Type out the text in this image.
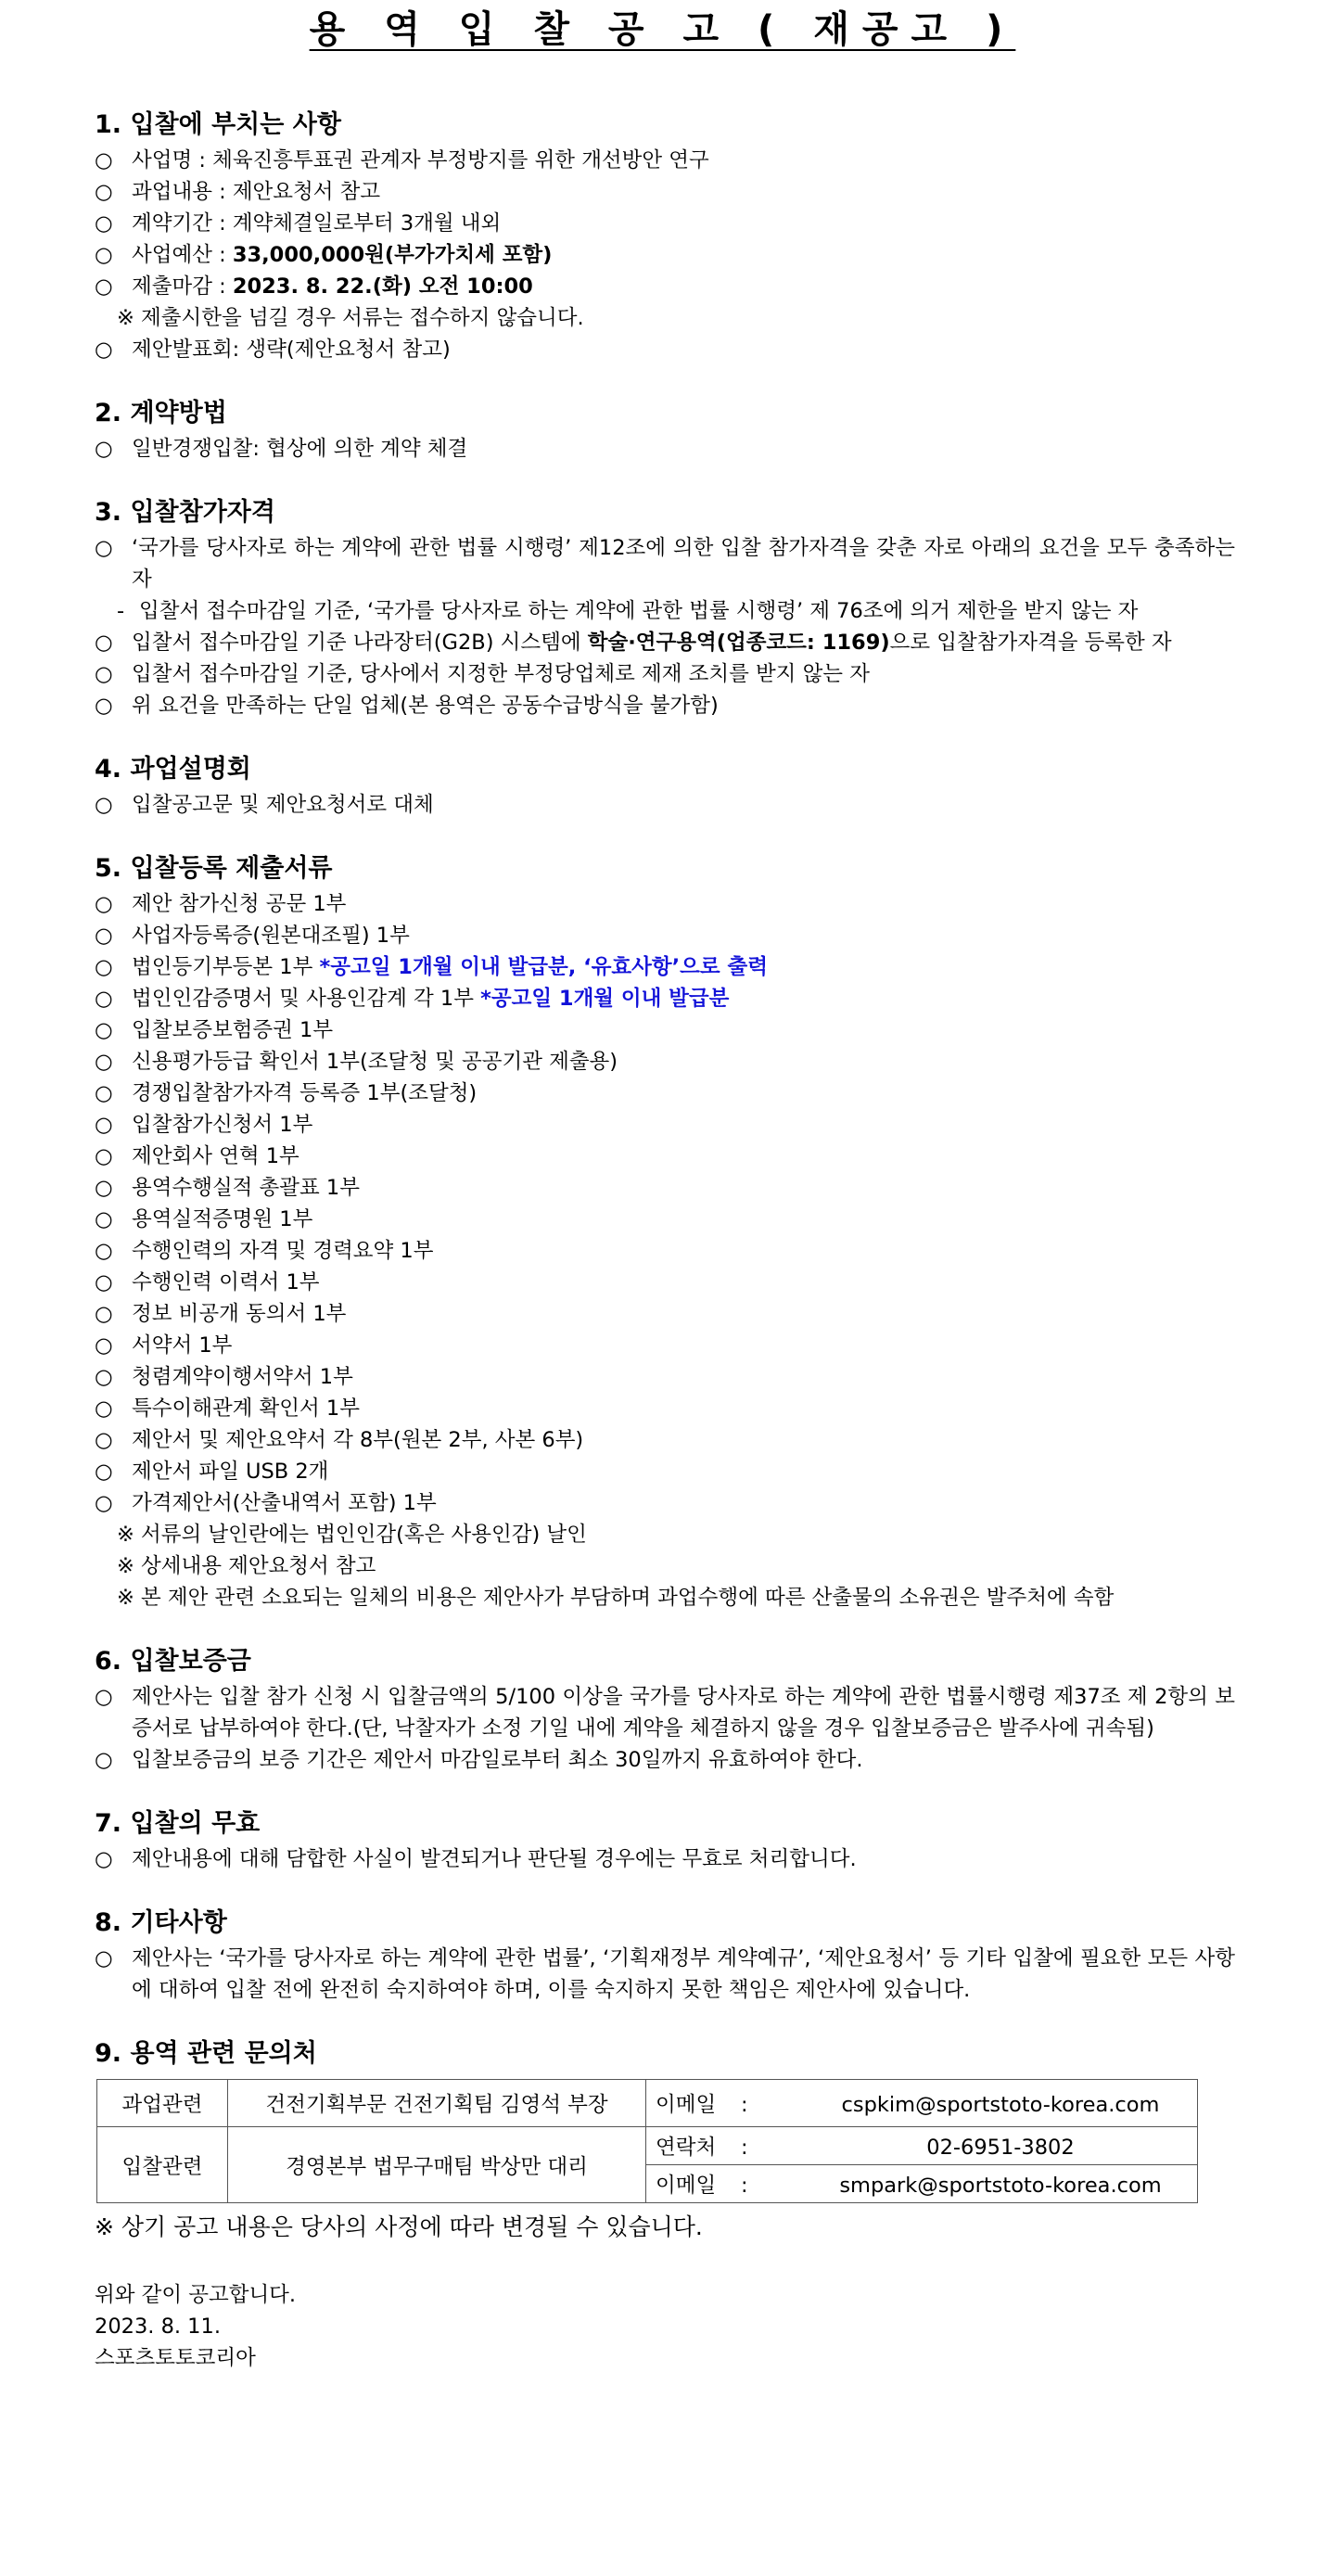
용 역 입 찰 공 고 ( 재공고 )
1. 입찰에 부치는 사항
○ 사업명 : 체육진흥투표권 관계자 부정방지를 위한 개선방안 연구
○ 과업내용 : 제안요청서 참고
○ 계약기간 : 계약체결일로부터 3개월 내외
○ 사업예산 : 33,000,000원(부가가치세 포함)
○ 제출마감 : 2023. 8. 22.(화) 오전 10:00
※ 제출시한을 넘길 경우 서류는 접수하지 않습니다.
○ 제안발표회: 생략(제안요청서 참고)
2. 계약방법
○ 일반경쟁입찰: 협상에 의한 계약 체결
3. 입찰참가자격
○ ‘국가를 당사자로 하는 계약에 관한 법률 시행령’ 제12조에 의한 입찰 참가자격을 갖춘 자로 아래의 요건을 모두 충족하는 자
- 입찰서 접수마감일 기준, ‘국가를 당사자로 하는 계약에 관한 법률 시행령’ 제 76조에 의거 제한을 받지 않는 자
○ 입찰서 접수마감일 기준 나라장터(G2B) 시스템에 학술·연구용역(업종코드: 1169)으로 입찰참가자격을 등록한 자
○ 입찰서 접수마감일 기준, 당사에서 지정한 부정당업체로 제재 조치를 받지 않는 자
○ 위 요건을 만족하는 단일 업체(본 용역은 공동수급방식을 불가함)
4. 과업설명회
○ 입찰공고문 및 제안요청서로 대체
5. 입찰등록 제출서류
○ 제안 참가신청 공문 1부
○ 사업자등록증(원본대조필) 1부
○ 법인등기부등본 1부 *공고일 1개월 이내 발급분, ‘유효사항’으로 출력
○ 법인인감증명서 및 사용인감계 각 1부 *공고일 1개월 이내 발급분
○ 입찰보증보험증권 1부
○ 신용평가등급 확인서 1부(조달청 및 공공기관 제출용)
○ 경쟁입찰참가자격 등록증 1부(조달청)
○ 입찰참가신청서 1부
○ 제안회사 연혁 1부
○ 용역수행실적 총괄표 1부
○ 용역실적증명원 1부
○ 수행인력의 자격 및 경력요약 1부
○ 수행인력 이력서 1부
○ 정보 비공개 동의서 1부
○ 서약서 1부
○ 청렴계약이행서약서 1부
○ 특수이해관계 확인서 1부
○ 제안서 및 제안요약서 각 8부(원본 2부, 사본 6부)
○ 제안서 파일 USB 2개
○ 가격제안서(산출내역서 포함) 1부
※ 서류의 날인란에는 법인인감(혹은 사용인감) 날인
※ 상세내용 제안요청서 참고
※ 본 제안 관련 소요되는 일체의 비용은 제안사가 부담하며 과업수행에 따른 산출물의 소유권은 발주처에 속함
6. 입찰보증금
○ 제안사는 입찰 참가 신청 시 입찰금액의 5/100 이상을 국가를 당사자로 하는 계약에 관한 법률시행령 제37조 제 2항의 보증서로 납부하여야 한다.(단, 낙찰자가 소정 기일 내에 계약을 체결하지 않을 경우 입찰보증금은 발주사에 귀속됨)
○ 입찰보증금의 보증 기간은 제안서 마감일로부터 최소 30일까지 유효하여야 한다.
7. 입찰의 무효
○ 제안내용에 대해 담합한 사실이 발견되거나 판단될 경우에는 무효로 처리합니다.
8. 기타사항
○ 제안사는 ‘국가를 당사자로 하는 계약에 관한 법률’, ‘기획재정부 계약예규’, ‘제안요청서’ 등 기타 입찰에 필요한 모든 사항에 대하여 입찰 전에 완전히 숙지하여야 하며, 이를 숙지하지 못한 책임은 제안사에 있습니다.
9. 용역 관련 문의처
과업관련	건전기획부문 건전기획팀 김영석 부장	이메일 : cspkim@sportstoto-korea.com
입찰관련	경영본부 법무구매팀 박상만 대리	연락처 : 02-6951-3802
		이메일 : smpark@sportstoto-korea.com
※ 상기 공고 내용은 당사의 사정에 따라 변경될 수 있습니다.
위와 같이 공고합니다.
2023. 8. 11.
스포츠토토코리아
